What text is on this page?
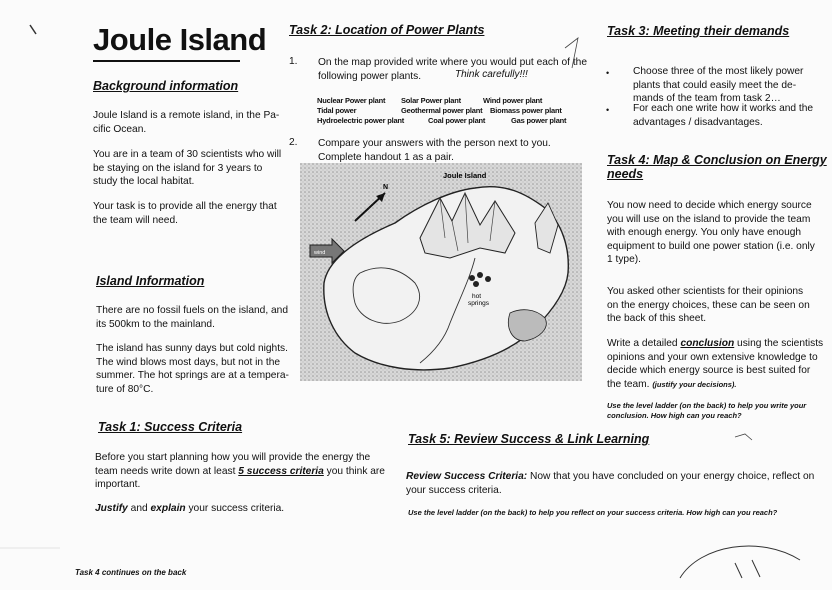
Joule Island
Background information
Joule Island is a remote island, in the Pa-
cific Ocean.
You are in a team of 30 scientists who will
be staying on the island for 3 years to
study the local habitat.
Your task is to provide all the energy that
the team will need.
Island Information
There are no fossil fuels on the island, and
its 500km to the mainland.
The island has sunny days but cold nights.
The wind blows most days, but not in the
summer. The hot springs are at a tempera-
ture of 80°C.
Task 1: Success Criteria
Before you start planning how you will provide the energy the
team needs write down at least 5 success criteria you think are
important.
Justify and explain your success criteria.
Task 2: Location of Power Plants
1. On the map provided write where you would put each of the
following power plants.	Think carefully!!!
Nuclear Power plant Solar Power plant	Wind power plant
Tidal power	Geothermal power plant Biomass power plant
Hydroelectric power plant	Coal power plant	Gas power plant
2. Compare your answers with the person next to you.
Complete handout 1 as a pair.
hot
springs
Joule Island
N
wind
Task 3: Meeting their demands
• Choose three of the most likely power
plants that could easily meet the de-
mands of the team from task 2…
• For each one write how it works and the
advantages / disadvantages.
Task 4: Map & Conclusion on Energy
needs
You now need to decide which energy source
you will use on the island to provide the team
with enough energy. You only have enough
equipment to build one power station (i.e. only
1 type).
You asked other scientists for their opinions
on the energy choices, these can be seen on
the back of this sheet.
Write a detailed conclusion using the scientists
opinions and your own extensive knowledge to
decide which energy source is best suited for
the team. (justify your decisions).
Use the level ladder (on the back) to help you write your
conclusion. How high can you reach?
Task 5: Review Success & Link Learning
Review Success Criteria: Now that you have concluded on your energy choice, reflect on
your success criteria.
Use the level ladder (on the back) to help you reflect on your success criteria. How high can you reach?
Task 4 continues on the back
